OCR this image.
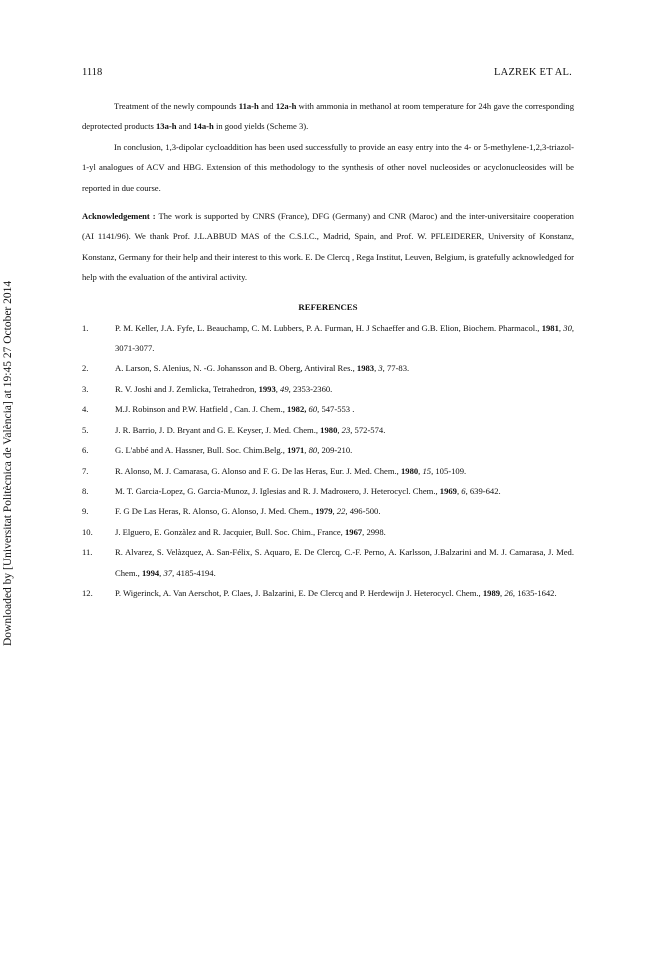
1118	LAZREK ET AL.
Downloaded by [Universitat Politècnica de València] at 19:45 27 October 2014

Treatment of the newly compounds 11a-h and 12a-h with ammonia in methanol at room temperature for 24h gave the corresponding deprotected products 13a-h and 14a-h in good yields (Scheme 3).

In conclusion, 1,3-dipolar cycloaddition has been used successfully to provide an easy entry into the 4- or 5-methylene-1,2,3-triazol-1-yl analogues of ACV and HBG. Extension of this methodology to the synthesis of other novel nucleosides or acyclonucleosides will be reported in due course.

Acknowledgement : The work is supported by CNRS (France), DFG (Germany) and CNR (Maroc) and the inter-universitaire cooperation (AI 1141/96). We thank Prof. J.L.ABBUD MAS of the C.S.I.C., Madrid, Spain, and Prof. W. PFLEIDERER, University of Konstanz, Konstanz, Germany for their help and their interest to this work. E. De Clercq , Rega Institut, Leuven, Belgium, is gratefully acknowledged for help with the evaluation of the antiviral activity.

REFERENCES

1.	P. M. Keller, J.A. Fyfe, L. Beauchamp, C. M. Lubbers, P. A. Furman, H. J Schaeffer and G.B. Elion, Biochem. Pharmacol., 1981, 30, 3071-3077.
2.	A. Larson, S. Alenius, N. -G. Johansson and B. Oberg, Antiviral Res., 1983, 3, 77-83.
3.	R. V. Joshi and J. Zemlicka, Tetrahedron, 1993, 49, 2353-2360.
4.	M.J. Robinson and P.W. Hatfield , Can. J. Chem., 1982, 60, 547-553 .
5.	J. R. Barrio, J. D. Bryant and G. E. Keyser, J. Med. Chem., 1980, 23, 572-574.
6.	G. L'abbé and A. Hassner, Bull. Soc. Chim.Belg., 1971, 80, 209-210.
7.	R. Alonso, M. J. Camarasa, G. Alonso and F. G. De las Heras, Eur. J. Med. Chem., 1980, 15, 105-109.
8.	M. T. Garcia-Lopez, G. Garcia-Munoz, J. Iglesias and R. J. Madrонero, J. Heterocycl. Chem., 1969, 6, 639-642.
9.	F. G De Las Heras, R. Alonso, G. Alonso, J. Med. Chem., 1979, 22, 496-500.
10.	J. Elguero, E. Gonzàlez and R. Jacquier, Bull. Soc. Chim., France, 1967, 2998.
11.	R. Alvarez, S. Velàzquez, A. San-Félix, S. Aquaro, E. De Clercq, C.-F. Perno, A. Karlsson, J.Balzarini and M. J. Camarasa, J. Med. Chem., 1994, 37, 4185-4194.
12.	P. Wigerinck, A. Van Aerschot, P. Claes, J. Balzarini, E. De Clercq and P. Herdewijn J. Heterocycl. Chem., 1989, 26, 1635-1642.
